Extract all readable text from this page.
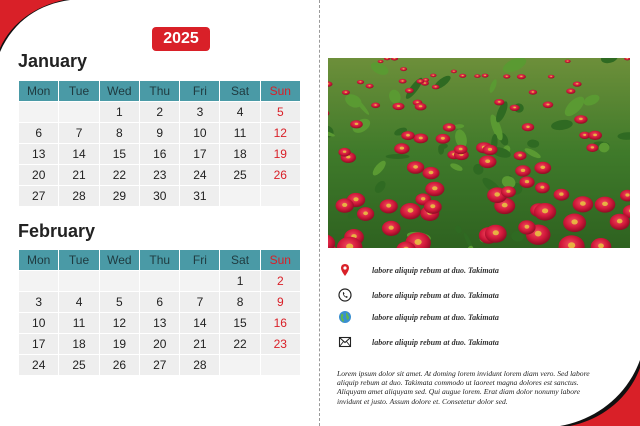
2025
January
Mon	Tue	Wed	Thu	Fri	Sat	Sun
		1	2	3	4	5
6	7	8	9	10	11	12
13	14	15	16	17	18	19
20	21	22	23	24	25	26
27	28	29	30	31		
February
Mon	Tue	Wed	Thu	Fri	Sat	Sun
					1	2
3	4	5	6	7	8	9
10	11	12	13	14	15	16
17	18	19	20	21	22	23
24	25	26	27	28		
labore aliquip rebum at duo. Takimata
labore aliquip rebum at duo. Takimata
labore aliquip rebum at duo. Takimata
labore aliquip rebum at duo. Takimata
Lorem ipsum dolor sit amet. At doming lorem invidunt lorem diam vero. Sed labore aliquip rebum at duo. Takimata commodo ut laoreet magna dolores est sanctus. Aliquyam amet aliquyam sed. Qui augue lorem. Erat diam dolor nonumy labore invidunt et justo. Assum dolore et. Consetetur dolor sed.
